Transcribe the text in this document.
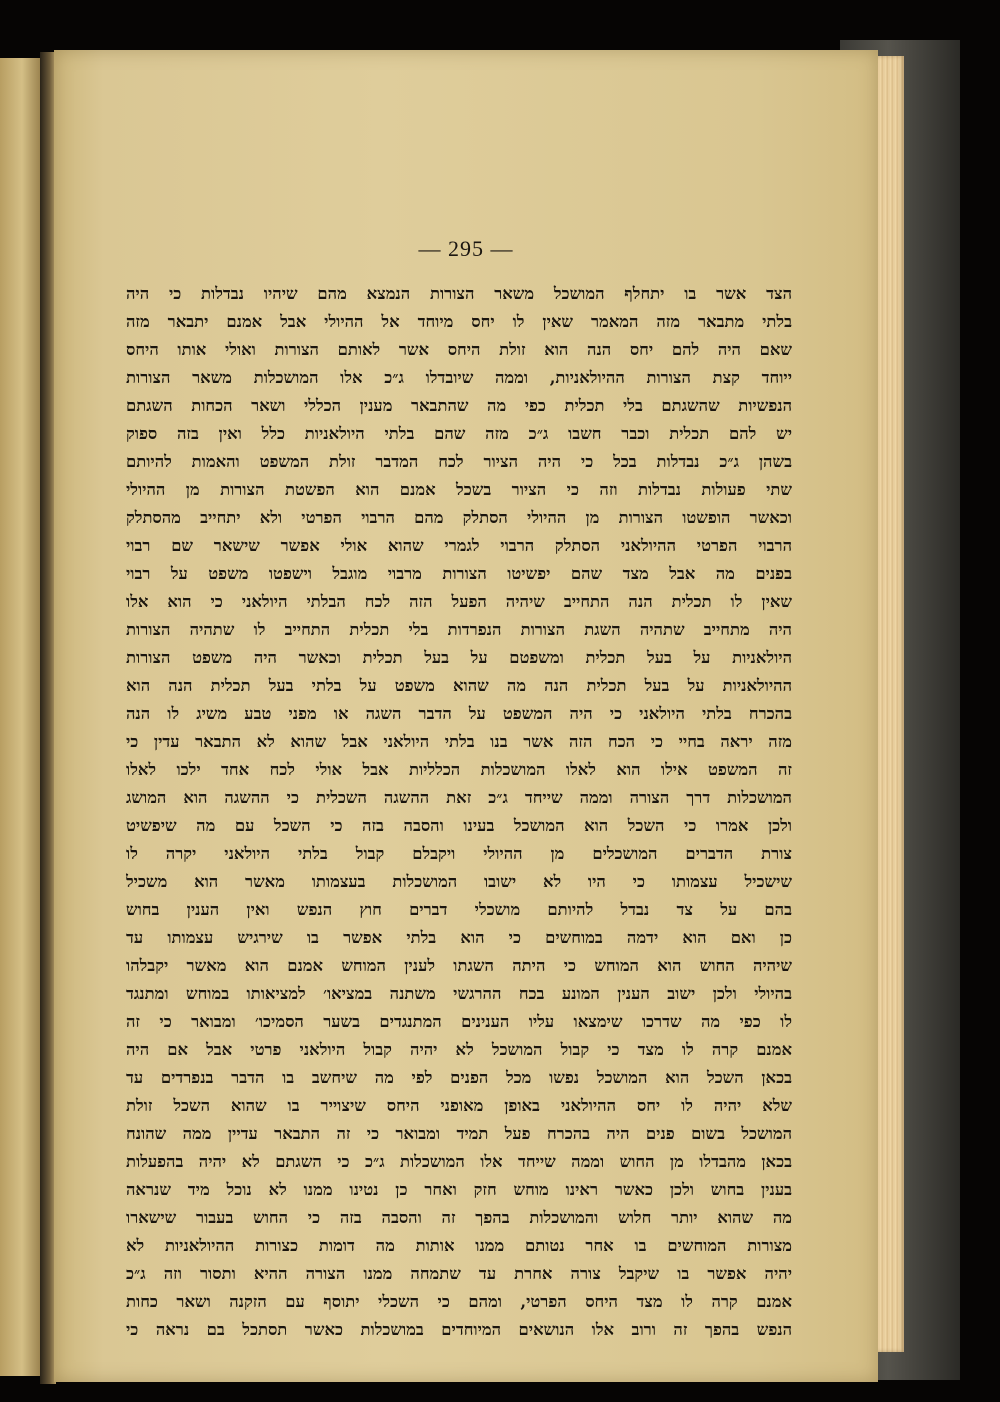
— 295 —
הצד אשר בו יתחלף המושכל משאר הצורות הנמצא מהם שיהיו נבדלות כי היה
בלתי מתבאר מזה המאמר שאין לו יחס מיוחד אל ההיולי אבל אמנם יתבאר מזה
שאם היה להם יחס הנה הוא זולת היחס אשר לאותם הצורות ואולי אותו היחס
ייוחד קצת הצורות ההיולאניות, וממה שיובדלו ג״כ אלו המושכלות משאר הצורות
הנפשיות שהשגתם בלי תכלית כפי מה שהתבאר מענין הכללי ושאר הכחות השגתם
יש להם תכלית וכבר חשבו ג״כ מזה שהם בלתי היולאניות כלל ואין בזה ספוק
בשהן ג״כ נבדלות בכל כי היה הציור לכח המדבר זולת המשפט והאמות להיותם
שתי פעולות נבדלות וזה כי הציור בשכל אמנם הוא הפשטת הצורות מן ההיולי
וכאשר הופשטו הצורות מן ההיולי הסתלק מהם הרבוי הפרטי ולא יתחייב מהסתלק
הרבוי הפרטי ההיולאני הסתלק הרבוי לגמרי שהוא אולי אפשר שישאר שם רבוי
בפנים מה אבל מצד שהם יפשיטו הצורות מרבוי מוגבל וישפטו משפט על רבוי
שאין לו תכלית הנה התחייב שיהיה הפעל הזה לכח הבלתי היולאני כי הוא אלו
היה מתחייב שתהיה השגת הצורות הנפרדות בלי תכלית התחייב לו שתהיה הצורות
היולאניות על בעל תכלית ומשפטם על בעל תכלית וכאשר היה משפט הצורות
ההיולאניות על בעל תכלית הנה מה שהוא משפט על בלתי בעל תכלית הנה הוא
בהכרח בלתי היולאני כי היה המשפט על הדבר השגה או מפני טבע משיג לו הנה
מזה יראה בחיי כי הכח הזה אשר בנו בלתי היולאני אבל שהוא לא התבאר עדין כי
זה המשפט אילו הוא לאלו המושכלות הכלליות אבל אולי לכח אחד ילכו לאלו
המושכלות דרך הצורה וממה שייחד ג״כ זאת ההשגה השכלית כי ההשגה הוא המושג
ולכן אמרו כי השכל הוא המושכל בעינו והסבה בזה כי השכל עם מה שיפשיט
צורת הדברים המושכלים מן ההיולי ויקבלם קבול בלתי היולאני יקרה לו
שישכיל עצמותו כי היו לא ישובו המושכלות בעצמותו מאשר הוא משכיל
בהם על צד נבדל להיותם מושכלי דברים חוץ הנפש ואין הענין בחוש
כן ואם הוא ידמה במוחשים כי הוא בלתי אפשר בו שירגיש עצמותו עד
שיהיה החוש הוא המוחש כי היתה השגתו לענין המוחש אמנם הוא מאשר יקבלהו
בהיולי ולכן ישוב הענין המונע בכח ההרגשי משתנה במציאו׳ למציאותו במוחש ומתנגד
לו כפי מה שדרכו שימצאו עליו הענינים המתנגדים בשער הסמיכו׳ ומבואר כי זה
אמנם קרה לו מצד כי קבול המושכל לא יהיה קבול היולאני פרטי אבל אם היה
בכאן השכל הוא המושכל נפשו מכל הפנים לפי מה שיחשב בו הדבר בנפרדים עד
שלא יהיה לו יחס ההיולאני באופן מאופני היחס שיצוייר בו שהוא השכל זולת
המושכל בשום פנים היה בהכרח פעל תמיד ומבואר כי זה התבאר עדיין ממה שהונח
בכאן מהבדלו מן החוש וממה שייחד אלו המושכלות ג״כ כי השגתם לא יהיה בהפעלות
בענין בחוש ולכן כאשר ראינו מוחש חזק ואחר כן נטינו ממנו לא נוכל מיד שנראה
מה שהוא יותר חלוש והמושכלות בהפך זה והסבה בזה כי החוש בעבור שישארו
מצורות המוחשים בו אחר נטותם ממנו אותות מה דומות כצורות ההיולאניות לא
יהיה אפשר בו שיקבל צורה אחרת עד שתמחה ממנו הצורה ההיא ותסור וזה ג״כ
אמנם קרה לו מצד היחס הפרטי, ומהם כי השכלי יתוסף עם הזקנה ושאר כחות
הנפש בהפך זה ורוב אלו הנושאים המיוחדים במושכלות כאשר תסתכל בם נראה כי
